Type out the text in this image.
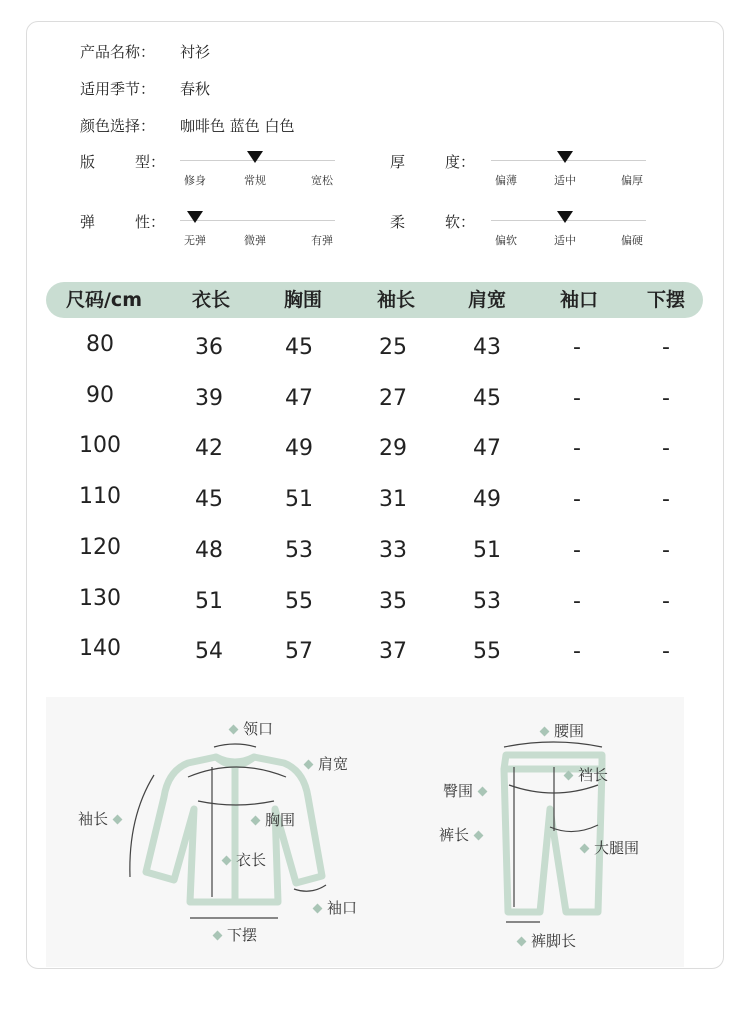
产品名称：	衬衫
适用季节：	春秋
颜色选择：	咖啡色 蓝色 白色
版	型：	厚	度：
弹	性：	柔	软：
修身	常规	宽松	偏薄	适中	偏厚
无弹	微弹	有弹	偏软	适中	偏硬
尺码/cm	衣长	胸围	袖长	肩宽	袖口	下摆
80	36	45	25	43	-	-
90	39	47	27	45	-	-
100	42	49	29	47	-	-
110	45	51	31	49	-	-
120	48	53	33	51	-	-
130	51	55	35	53	-	-
140	54	57	37	55	-	-
领口
肩宽
袖长	胸围
衣长
袖口
下摆
腰围
裆长
臀围
裤长
大腿围
裤脚长
